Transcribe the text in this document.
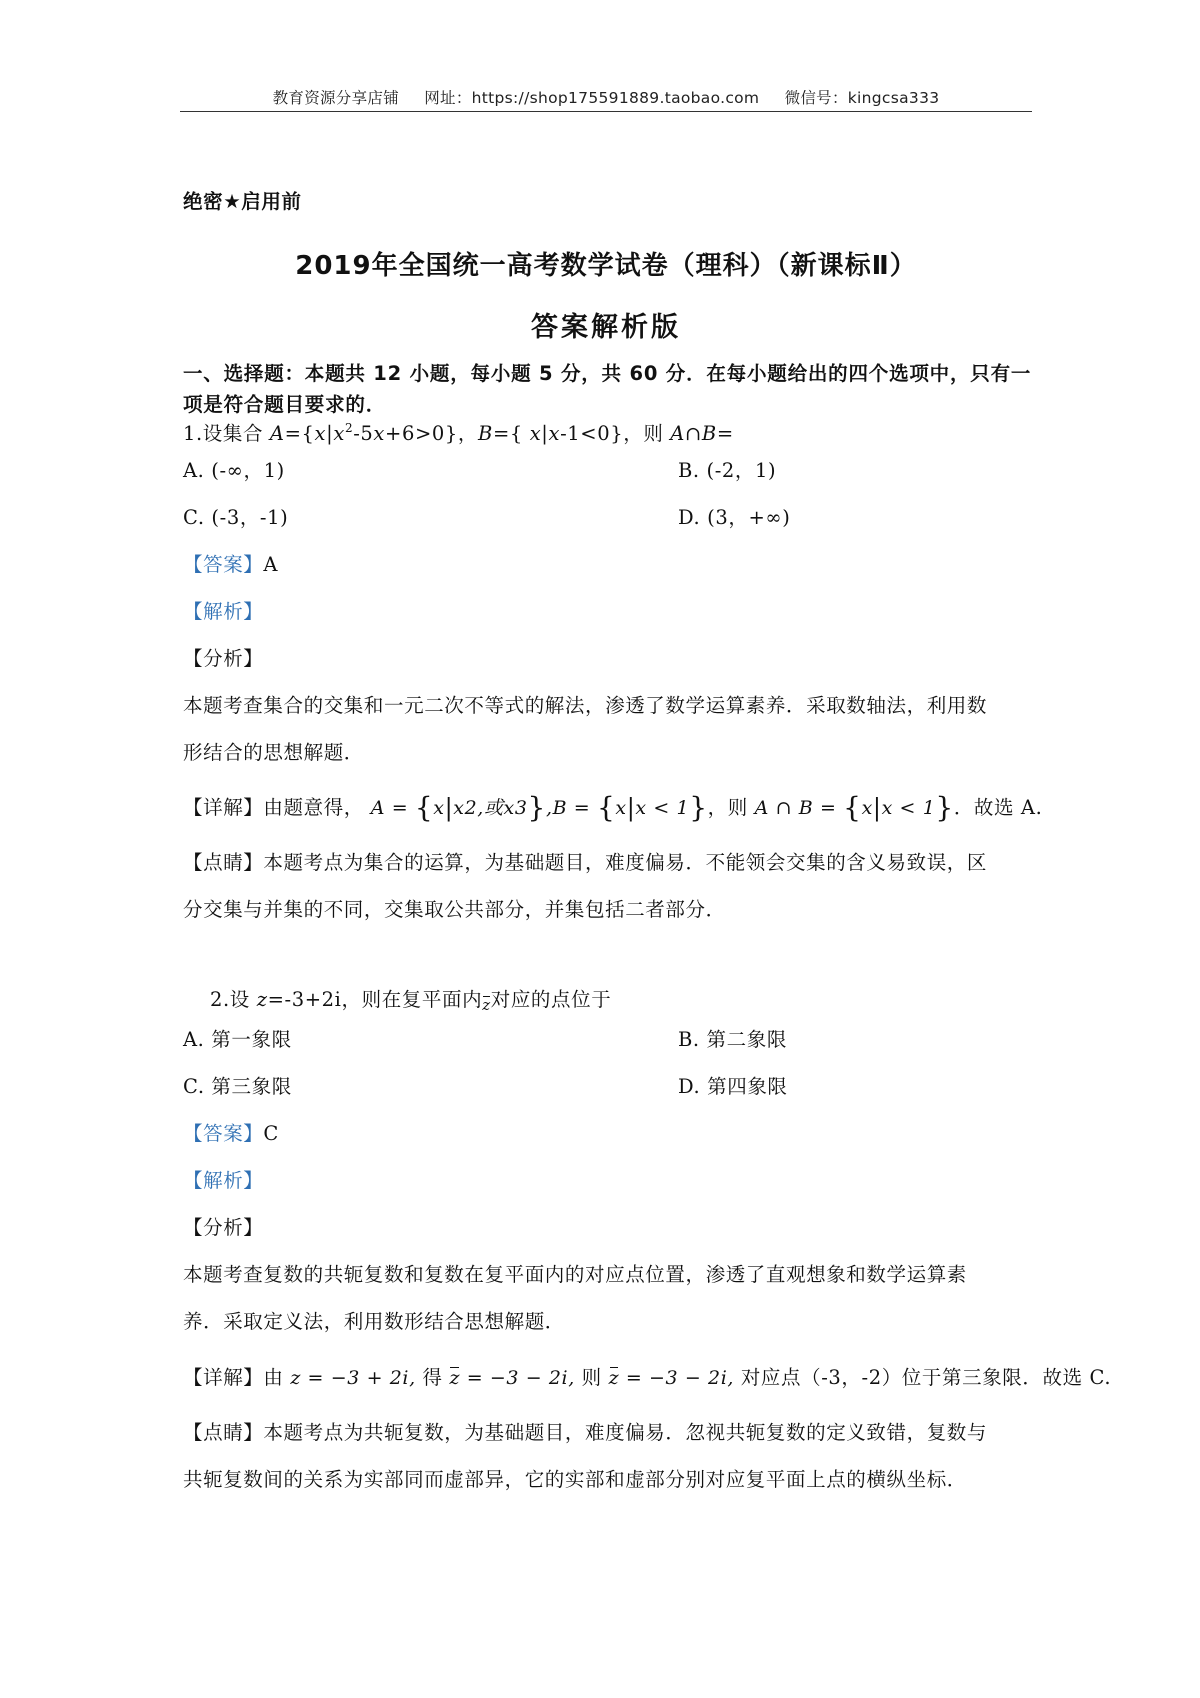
教育资源分享店铺 网址：https://shop175591889.taobao.com 微信号：kingcsa333
绝密★启用前
2019年全国统一高考数学试卷（理科）（新课标Ⅱ）
答案解析版
一、选择题：本题共 12 小题，每小题 5 分，共 60 分．在每小题给出的四个选项中，只有一
项是符合题目要求的．
1.设集合 $A=\{x|x^2-5x+6>0\}$，B={ x|x-1<0}，则 A∩B=
A. (-∞，1)	B. (-2，1)
C. (-3，-1)	D. (3，+∞)
【答案】A
【解析】
【分析】
本题考查集合的交集和一元二次不等式的解法，渗透了数学运算素养．采取数轴法，利用数
形结合的思想解题．
【详解】由题意得， A = {x|x2,或x3},B = {x|x < 1}，则 A ∩ B = {x|x < 1}．故选 A.
【点睛】本题考点为集合的运算，为基础题目，难度偏易．不能领会交集的含义易致误，区
分交集与并集的不同，交集取公共部分，并集包括二者部分．
2.设 z=-3+2i，则在复平面内z对应的点位于
A. 第一象限	B. 第二象限
C. 第三象限	D. 第四象限
【答案】C
【解析】
【分析】
本题考查复数的共轭复数和复数在复平面内的对应点位置，渗透了直观想象和数学运算素
养．采取定义法，利用数形结合思想解题．
【详解】由 z = −3 + 2i, 得 z = −3 − 2i, 则 z = −3 − 2i, 对应点（-3，-2）位于第三象限．故选 C.
【点睛】本题考点为共轭复数，为基础题目，难度偏易．忽视共轭复数的定义致错，复数与
共轭复数间的关系为实部同而虚部异，它的实部和虚部分别对应复平面上点的横纵坐标．
